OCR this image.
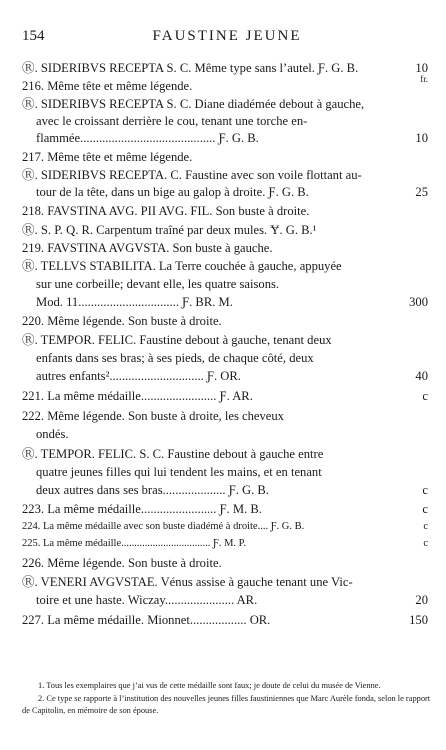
154	FAUSTINE JEUNE
fr.
Ⓡ. SIDERIBVS RECEPTA S. C. Même type sans l’autel. Ƒ. G. B.	10
216. Même tête et même légende.
Ⓡ. SIDERIBVS RECEPTA S. C. Diane diadémée debout à gauche,
avec le croissant derrière le cou, tenant une torche en-
flammée........................................... Ƒ. G. B.	10
217. Même tête et même légende.
Ⓡ. SIDERIBVS RECEPTA. C. Faustine avec son voile flottant au-
tour de la tête, dans un bige au galop à droite. Ƒ. G. B.	25
218. FAVSTINA AVG. PII AVG. FIL. Son buste à droite.
Ⓡ. S. P. Q. R. Carpentum traîné par deux mules. Ɏ. G. B.¹
219. FAVSTINA AVGVSTA. Son buste à gauche.
Ⓡ. TELLVS STABILITA. La Terre couchée à gauche, appuyée
sur une corbeille; devant elle, les quatre saisons.
Mod. 11................................ Ƒ. BR. M.	300
220. Même légende. Son buste à droite.
Ⓡ. TEMPOR. FELIC. Faustine debout à gauche, tenant deux
enfants dans ses bras; à ses pieds, de chaque côté, deux
autres enfants².............................. Ƒ. OR.	40
221. La même médaille........................ Ƒ. AR.	c
222. Même légende. Son buste à droite, les cheveux
ondés.
Ⓡ. TEMPOR. FELIC. S. C. Faustine debout à gauche entre
quatre jeunes filles qui lui tendent les mains, et en tenant
deux autres dans ses bras.................... Ƒ. G. B.	c
223. La même médaille........................ Ƒ. M. B.	c
224. La même médaille avec son buste diadémé à droite.... Ƒ. G. B.	c
225. La même médaille.................................. Ƒ. M. P.	c
226. Même légende. Son buste à droite.
Ⓡ. VENERI AVGVSTAE. Vénus assise à gauche tenant une Vic-
toire et une haste. Wiczay...................... AR.	20
227. La même médaille. Mionnet.................. OR.	150
1. Tous les exemplaires que j’ai vus de cette médaille sont faux; je doute de celui du musée de Vienne.
2. Ce type se rapporte à l’institution des nouvelles jeunes filles faustiniennes que Marc Aurèle fonda, selon le rapport de Capitolin, en mémoire de son épouse.
